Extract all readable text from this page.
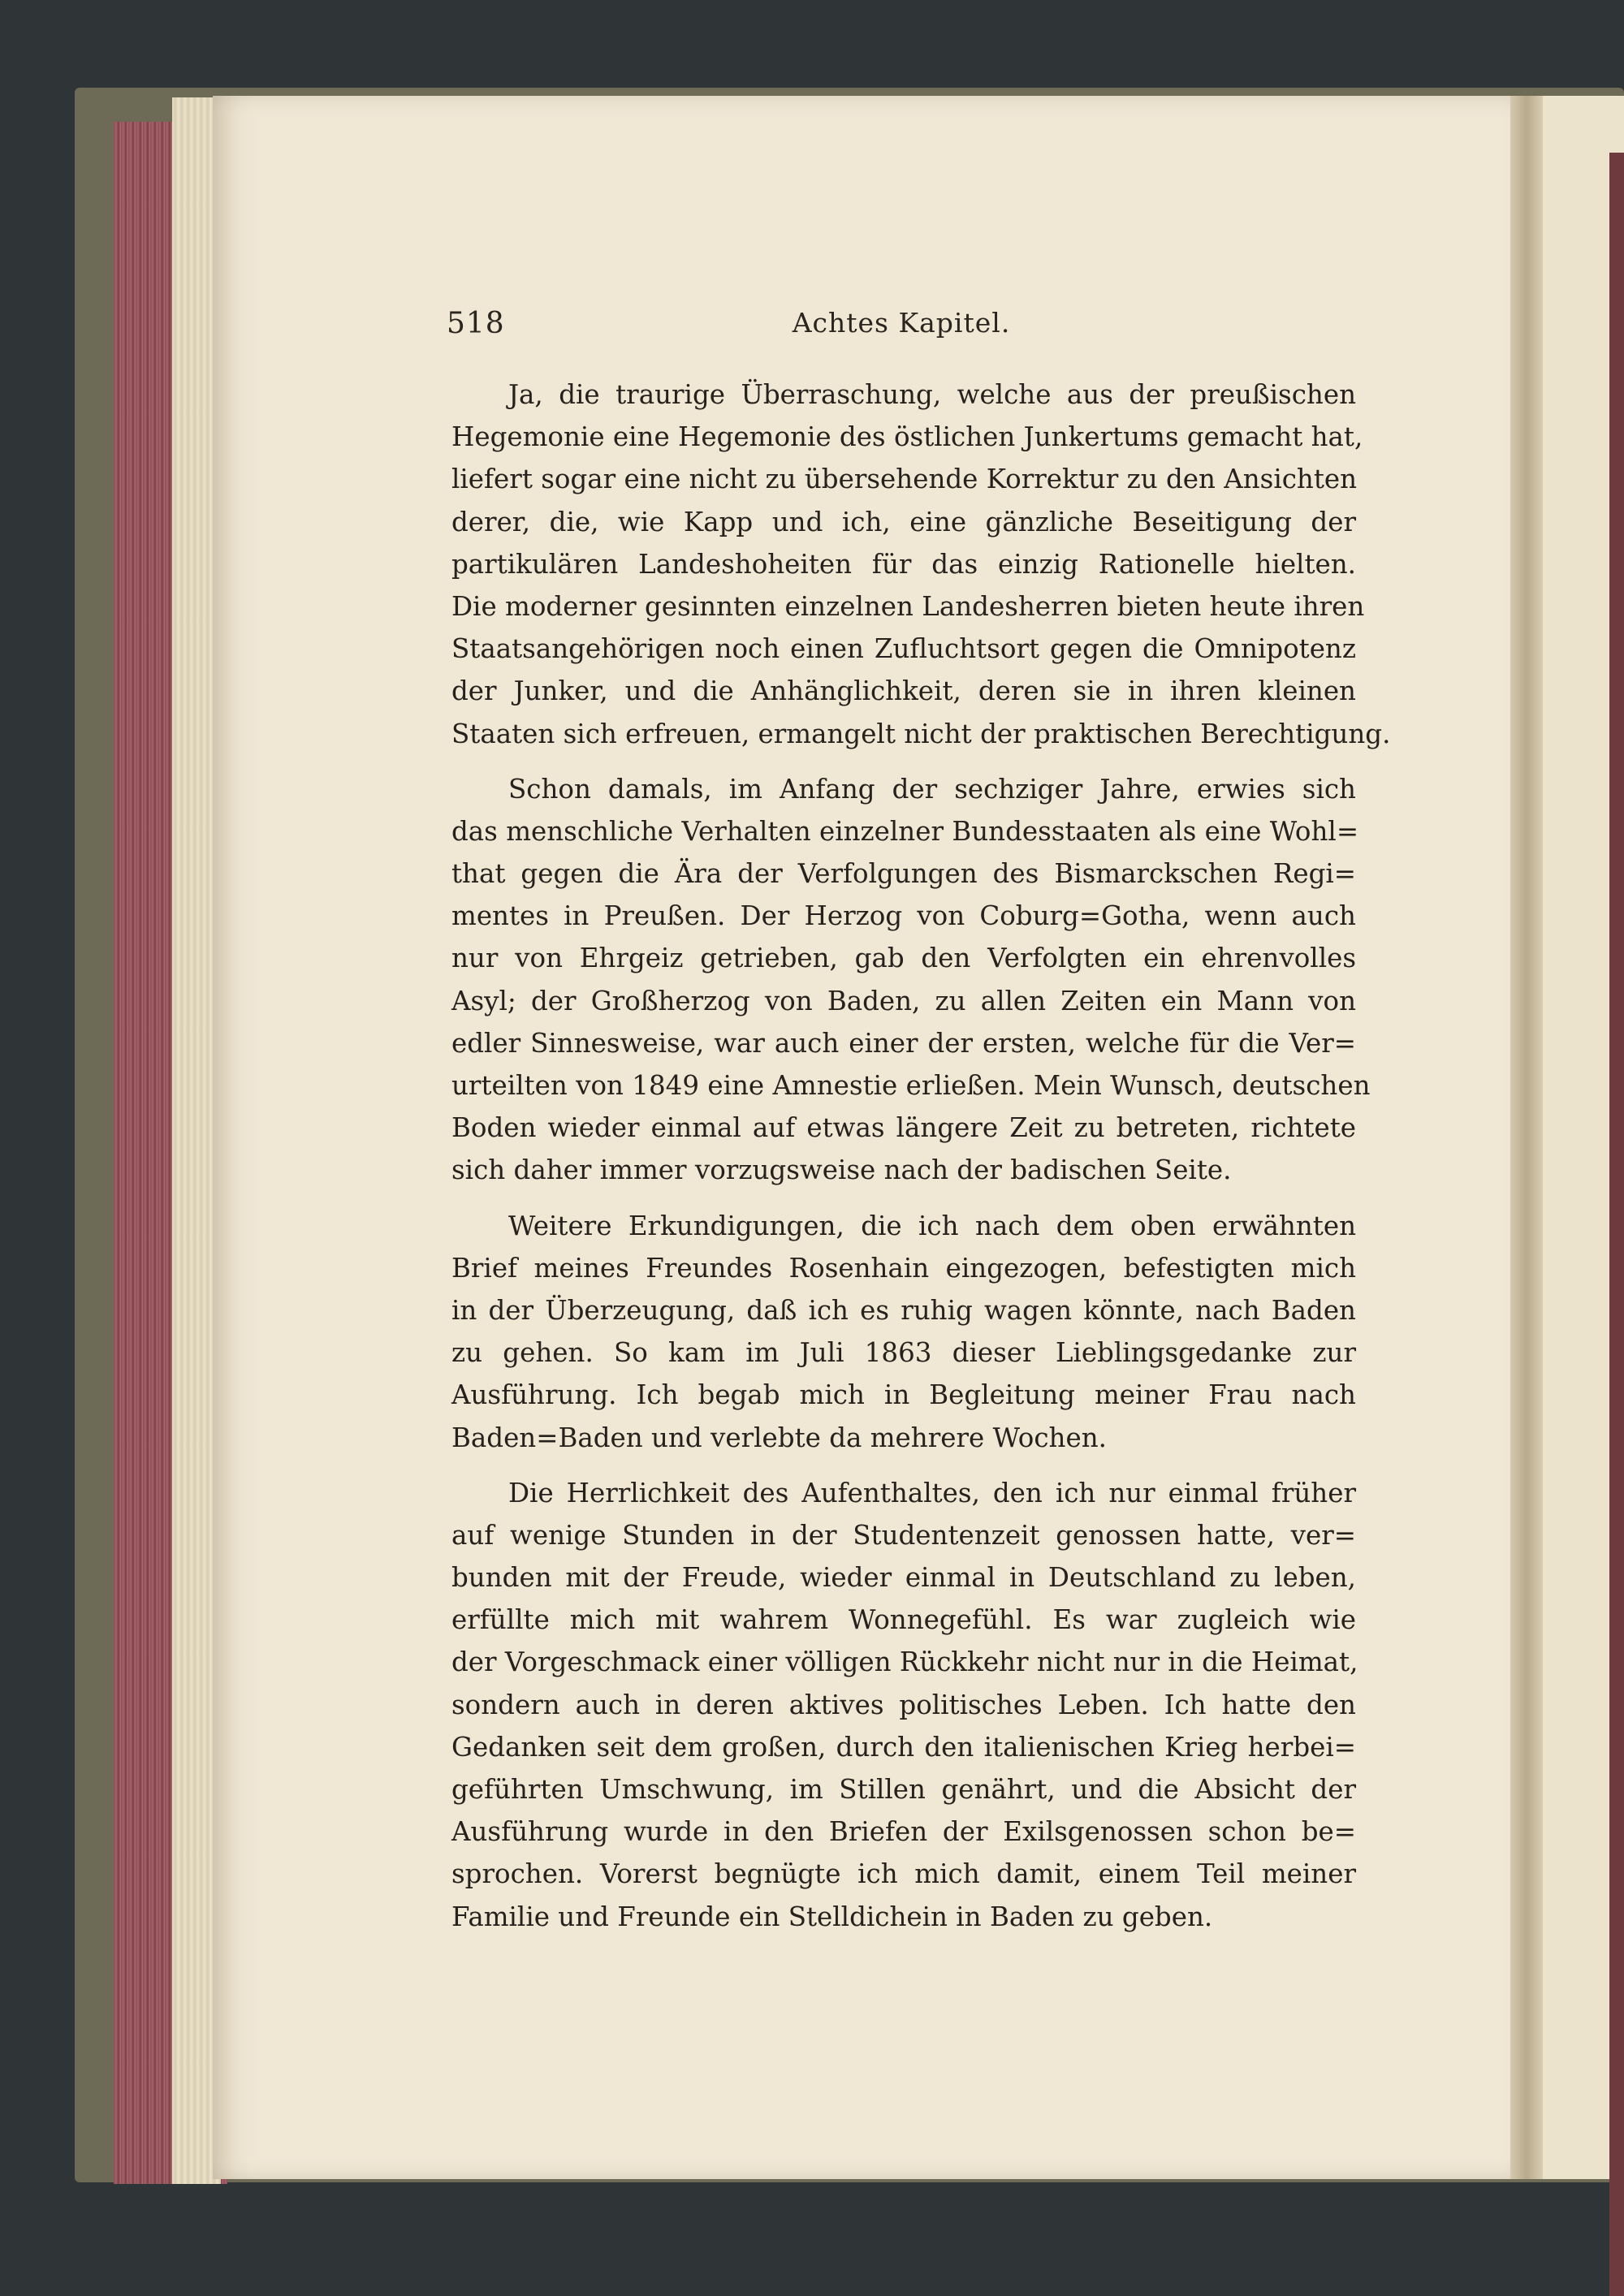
518	Achtes Kapitel.
Ja, die traurige Überraschung, welche aus der preußischen
Hegemonie eine Hegemonie des östlichen Junkertums gemacht hat,
liefert sogar eine nicht zu übersehende Korrektur zu den Ansichten
derer, die, wie Kapp und ich, eine gänzliche Beseitigung der
partikulären Landeshoheiten für das einzig Rationelle hielten.
Die moderner gesinnten einzelnen Landesherren bieten heute ihren
Staatsangehörigen noch einen Zufluchtsort gegen die Omnipotenz
der Junker, und die Anhänglichkeit, deren sie in ihren kleinen
Staaten sich erfreuen, ermangelt nicht der praktischen Berechtigung.
Schon damals, im Anfang der sechziger Jahre, erwies sich
das menschliche Verhalten einzelner Bundesstaaten als eine Wohl=
that gegen die Ära der Verfolgungen des Bismarckschen Regi=
mentes in Preußen. Der Herzog von Coburg=Gotha, wenn auch
nur von Ehrgeiz getrieben, gab den Verfolgten ein ehrenvolles
Asyl; der Großherzog von Baden, zu allen Zeiten ein Mann von
edler Sinnesweise, war auch einer der ersten, welche für die Ver=
urteilten von 1849 eine Amnestie erließen. Mein Wunsch, deutschen
Boden wieder einmal auf etwas längere Zeit zu betreten, richtete
sich daher immer vorzugsweise nach der badischen Seite.
Weitere Erkundigungen, die ich nach dem oben erwähnten
Brief meines Freundes Rosenhain eingezogen, befestigten mich
in der Überzeugung, daß ich es ruhig wagen könnte, nach Baden
zu gehen. So kam im Juli 1863 dieser Lieblingsgedanke zur
Ausführung. Ich begab mich in Begleitung meiner Frau nach
Baden=Baden und verlebte da mehrere Wochen.
Die Herrlichkeit des Aufenthaltes, den ich nur einmal früher
auf wenige Stunden in der Studentenzeit genossen hatte, ver=
bunden mit der Freude, wieder einmal in Deutschland zu leben,
erfüllte mich mit wahrem Wonnegefühl. Es war zugleich wie
der Vorgeschmack einer völligen Rückkehr nicht nur in die Heimat,
sondern auch in deren aktives politisches Leben. Ich hatte den
Gedanken seit dem großen, durch den italienischen Krieg herbei=
geführten Umschwung, im Stillen genährt, und die Absicht der
Ausführung wurde in den Briefen der Exilsgenossen schon be=
sprochen. Vorerst begnügte ich mich damit, einem Teil meiner
Familie und Freunde ein Stelldichein in Baden zu geben.
